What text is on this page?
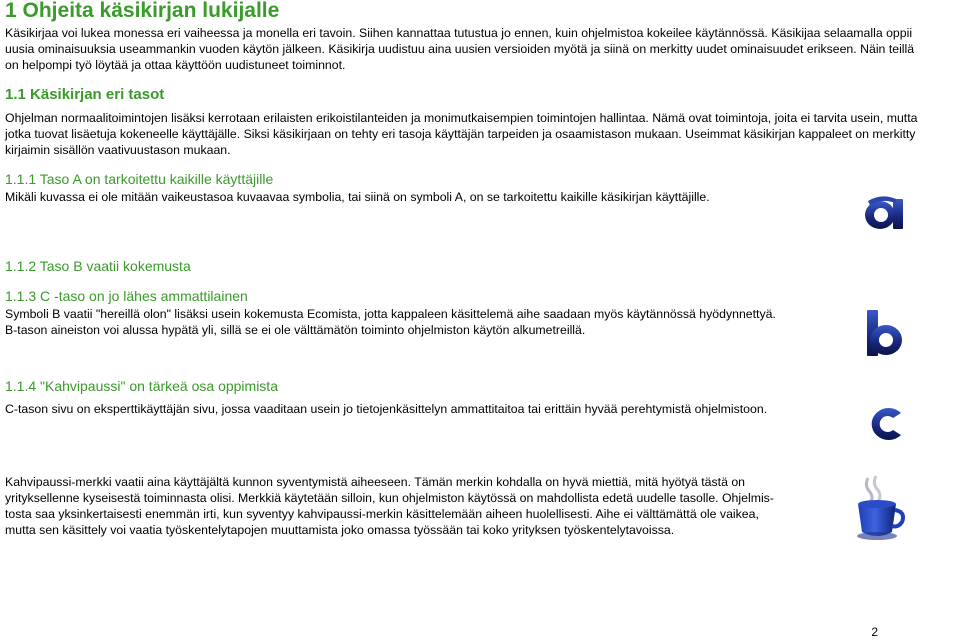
1 Ohjeita käsikirjan lukijalle
Käsikirjaa voi lukea monessa eri vaiheessa ja monella eri tavoin. Siihen kannattaa tutustua jo ennen, kuin ohjelmistoa kokeilee käytännössä. Käsikijaa selaamalla oppii
uusia ominaisuuksia useammankin vuoden käytön jälkeen. Käsikirja uudistuu aina uusien versioiden myötä ja siinä on merkitty uudet ominaisuudet erikseen. Näin teillä
on helpompi työ löytää ja ottaa käyttöön uudistuneet toiminnot.
1.1 Käsikirjan eri tasot
Ohjelman normaalitoimintojen lisäksi kerrotaan erilaisten erikoistilanteiden ja monimutkaisempien toimintojen hallintaa. Nämä ovat toimintoja, joita ei tarvita usein, mutta
jotka tuovat lisäetuja kokeneelle käyttäjälle. Siksi käsikirjaan on tehty eri tasoja käyttäjän tarpeiden ja osaamistason mukaan. Useimmat käsikirjan kappaleet on merkitty
kirjaimin sisällön vaativuustason mukaan.
1.1.1 Taso A on tarkoitettu kaikille käyttäjille
Mikäli kuvassa ei ole mitään vaikeustasoa kuvaavaa symbolia, tai siinä on symboli A, on se tarkoitettu kaikille käsikirjan käyttäjille.
1.1.2 Taso B vaatii kokemusta
1.1.3 C -taso on jo lähes ammattilainen
Symboli B vaatii "hereillä olon" lisäksi usein kokemusta Ecomista, jotta kappaleen käsittelemä aihe saadaan myös käytännössä hyödynnettyä.
B-tason aineiston voi alussa hypätä yli, sillä se ei ole välttämätön toiminto ohjelmiston käytön alkumetreillä.
1.1.4 "Kahvipaussi" on tärkeä osa oppimista
C-tason sivu on eksperttikäyttäjän sivu, jossa vaaditaan usein jo tietojenkäsittelyn ammattitaitoa tai erittäin hyvää perehtymistä ohjelmistoon.
Kahvipaussi-merkki vaatii aina käyttäjältä kunnon syventymistä aiheeseen. Tämän merkin kohdalla on hyvä miettiä, mitä hyötyä tästä on
yrityksellenne kyseisestä toiminnasta olisi. Merkkiä käytetään silloin, kun ohjelmiston käytössä on mahdollista edetä uudelle tasolle. Ohjelmis-
tosta saa yksinkertaisesti enemmän irti, kun syventyy kahvipaussi-merkin käsittelemään aiheen huolellisesti. Aihe ei välttämättä ole vaikea,
mutta sen käsittely voi vaatia työskentelytapojen muuttamista joko omassa työssään tai koko yrityksen työskentelytavoissa.
2
